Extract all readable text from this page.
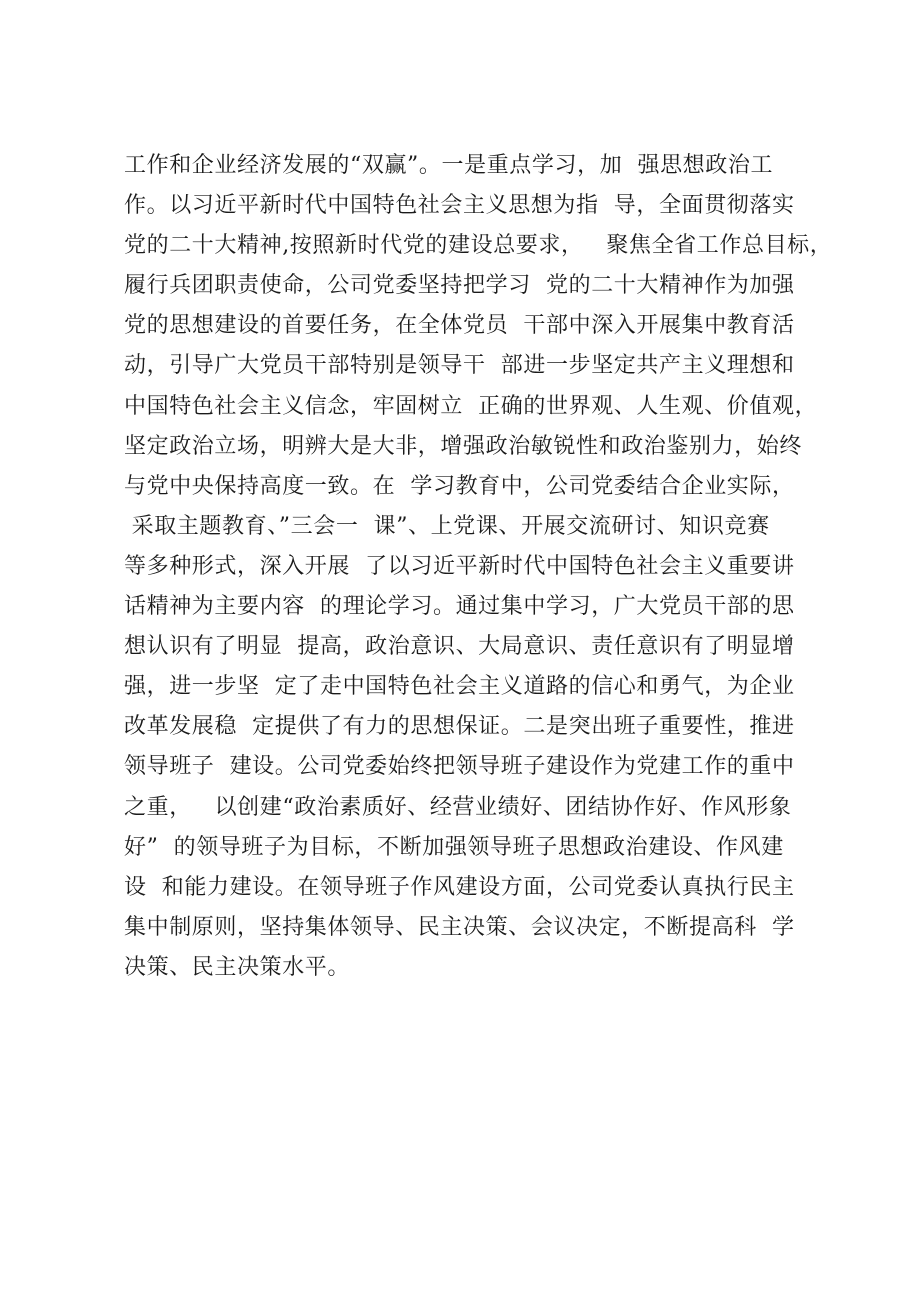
工作和企业经济发展的“双赢”。一是重点学习，加  强思想政治工
作。以习近平新时代中国特色社会主义思想为指  导，全面贯彻落实
党的二十大精神,按照新时代党的建设总要求，   聚焦全省工作总目标，
履行兵团职责使命，公司党委坚持把学习  党的二十大精神作为加强
党的思想建设的首要任务，在全体党员  干部中深入开展集中教育活
动，引导广大党员干部特别是领导干  部进一步坚定共产主义理想和
中国特色社会主义信念，牢固树立  正确的世界观、人生观、价值观，
坚定政治立场，明辨大是大非，增强政治敏锐性和政治鉴别力，始终
与党中央保持高度一致。在  学习教育中，公司党委结合企业实际，
采取主题教育、”三会一  课”、上党课、开展交流研讨、知识竞赛
等多种形式，深入开展  了以习近平新时代中国特色社会主义重要讲
话精神为主要内容  的理论学习。通过集中学习，广大党员干部的思
想认识有了明显  提高，政治意识、大局意识、责任意识有了明显增
强，进一步坚  定了走中国特色社会主义道路的信心和勇气，为企业
改革发展稳  定提供了有力的思想保证。二是突出班子重要性，推进
领导班子  建设。公司党委始终把领导班子建设作为党建工作的重中
之重，   以创建“政治素质好、经营业绩好、团结协作好、作风形象
好”  的领导班子为目标，不断加强领导班子思想政治建设、作风建
设  和能力建设。在领导班子作风建设方面，公司党委认真执行民主
集中制原则，坚持集体领导、民主决策、会议决定，不断提高科  学
决策、民主决策水平。
